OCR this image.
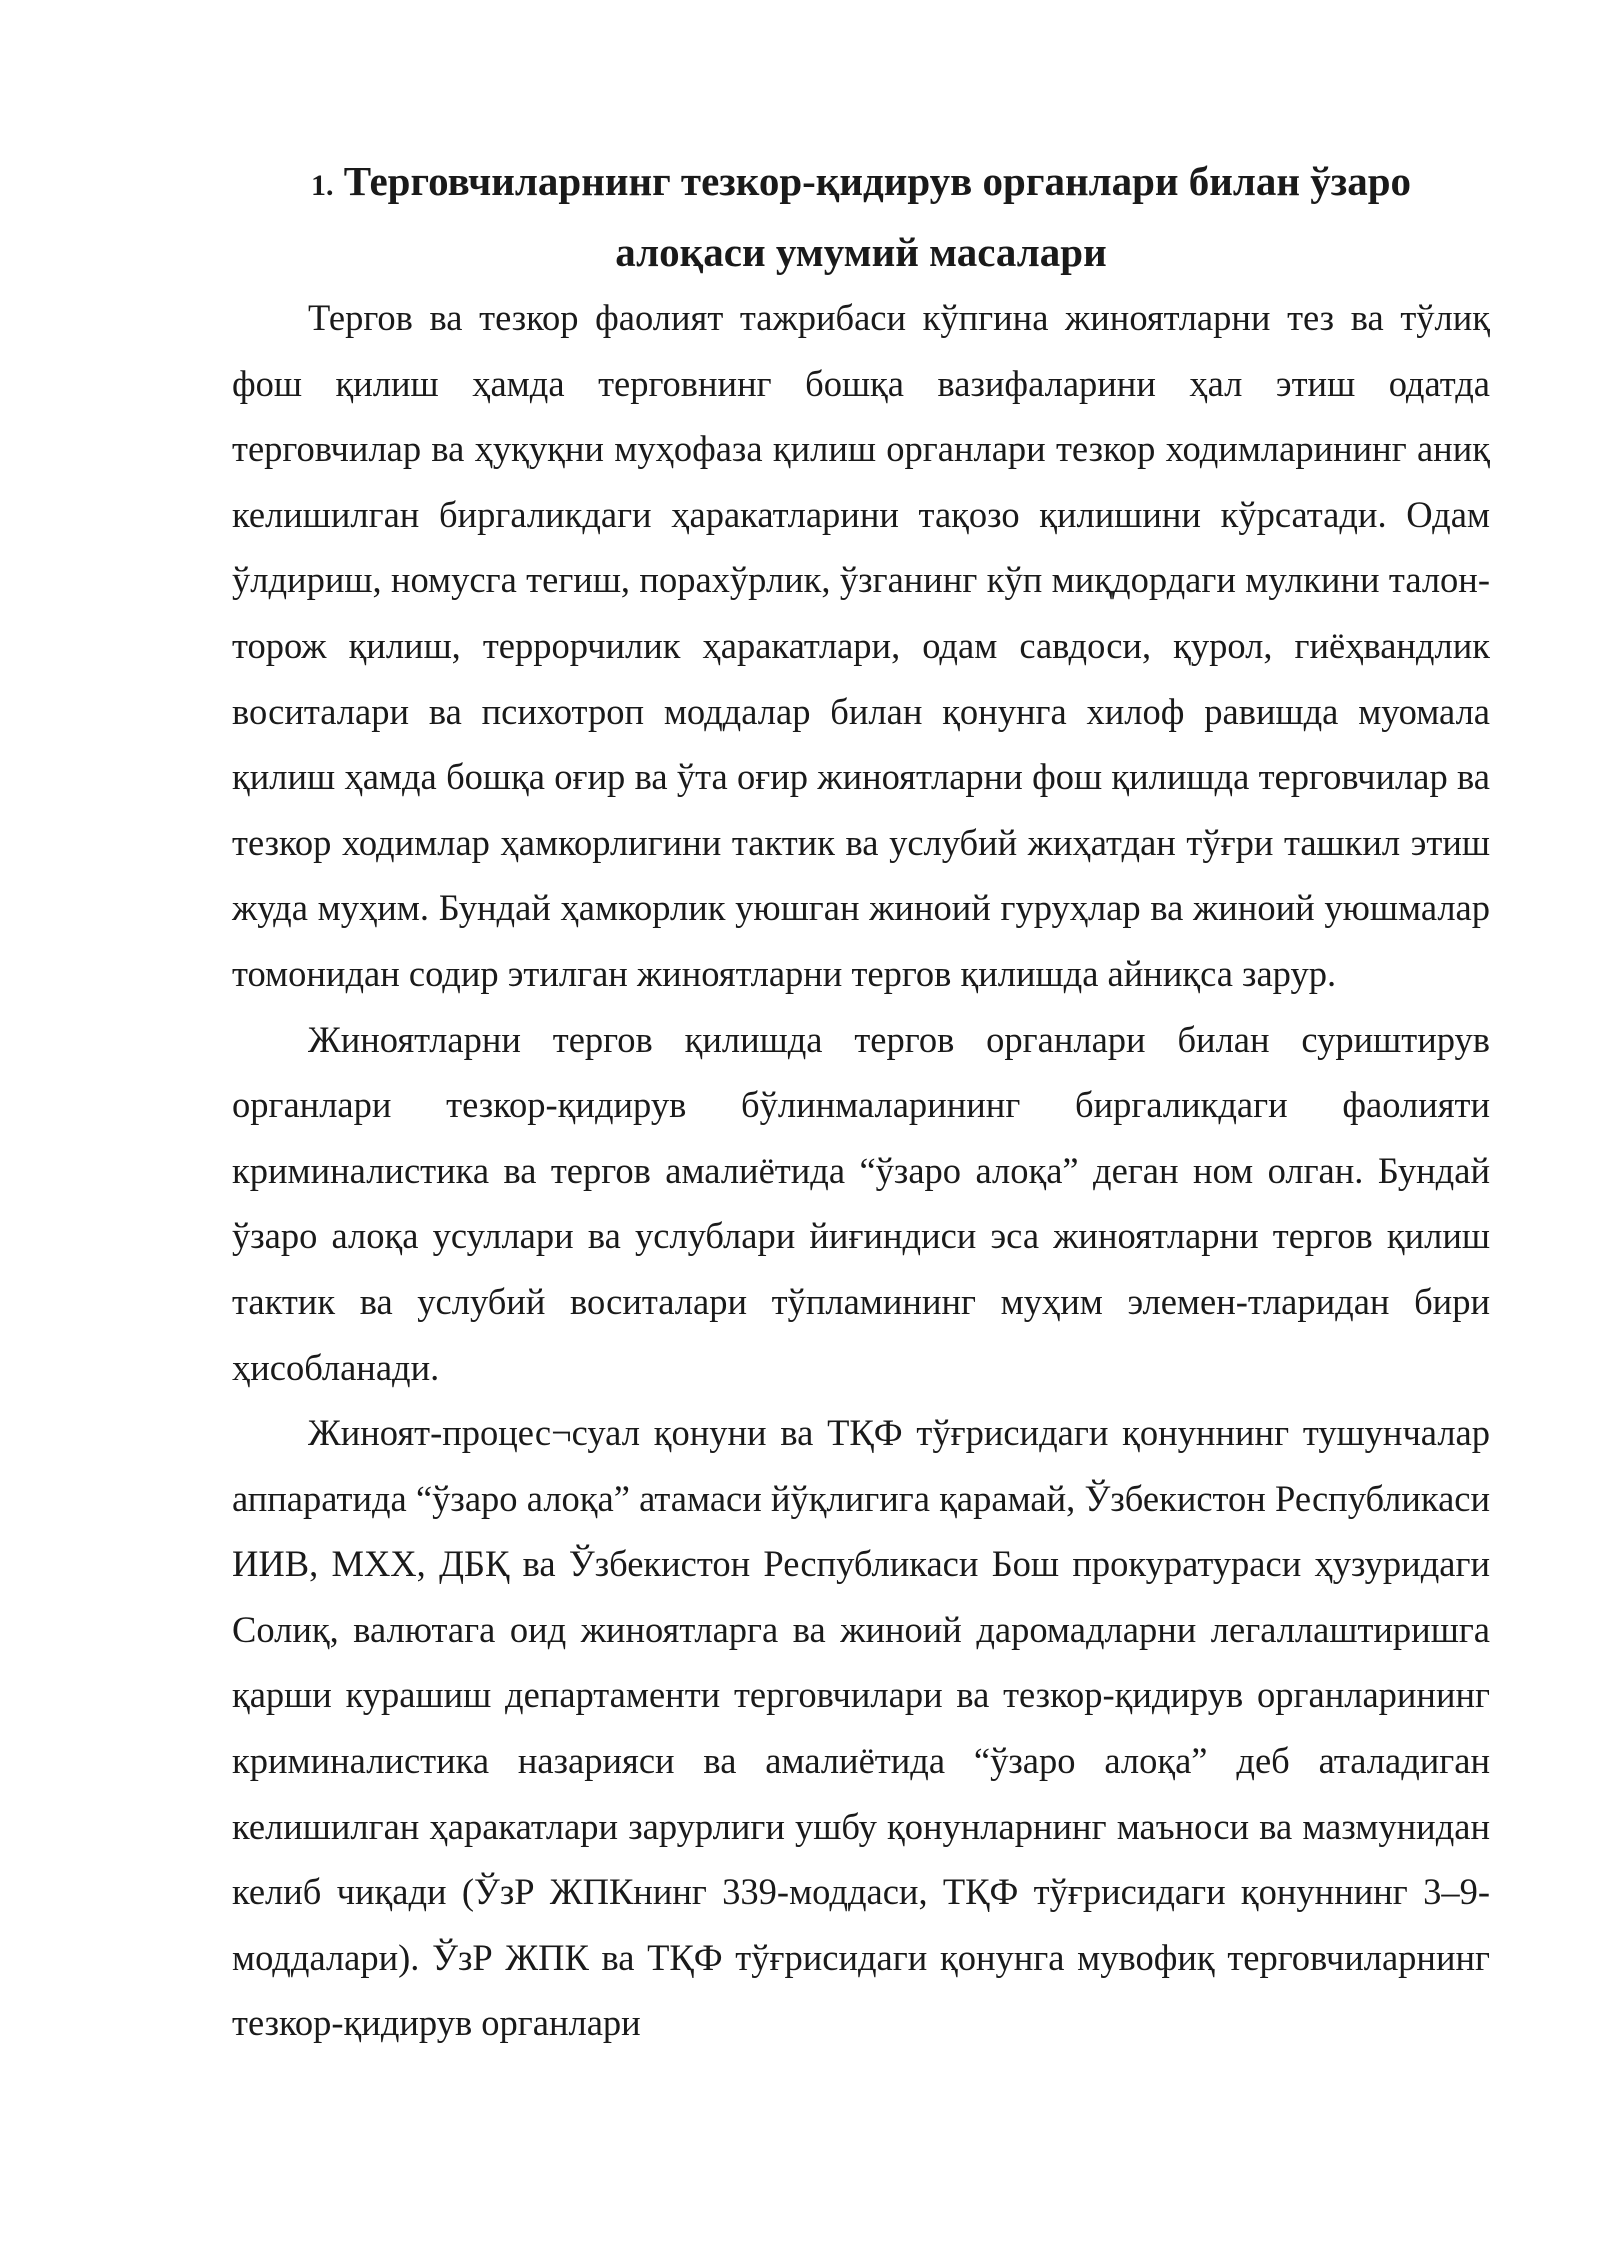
1. Терговчиларнинг тезкор-қидирув органлари билан ўзаро
алоқаси умумий масалари

Тергов ва тезкор фаолият тажрибаси кўпгина жиноятларни тез ва тўлиқ фош қилиш ҳамда терговнинг бошқа вазифаларини ҳал этиш одатда терговчилар ва ҳуқуқни муҳофаза қилиш органлари тезкор ходимларининг аниқ келишилган биргаликдаги ҳаракатларини тақозо қилишини кўрсатади. Одам ўлдириш, номусга тегиш, порахўрлик, ўзганинг кўп миқдордаги мулкини талон-торож қилиш, террорчилик ҳаракатлари, одам савдоси, қурол, гиёҳвандлик воситалари ва психотроп моддалар билан қонунга хилоф равишда муомала қилиш ҳамда бошқа оғир ва ўта оғир жиноятларни фош қилишда терговчилар ва тезкор ходимлар ҳамкорлигини тактик ва услубий жиҳатдан тўғри ташкил этиш жуда муҳим. Бундай ҳамкорлик уюшган жиноий гуруҳлар ва жиноий уюшмалар томонидан содир этилган жиноятларни тергов қилишда айниқса зарур.

Жиноятларни тергов қилишда тергов органлари билан суриштирув органлари тезкор-қидирув бўлинмаларининг биргаликдаги фаолияти криминалистика ва тергов амалиётида “ўзаро алоқа” деган ном олган. Бундай ўзаро алоқа усуллари ва услублари йиғиндиси эса жиноятларни тергов қилиш тактик ва услубий воситалари тўпламининг муҳим элемен-тларидан бири ҳисобланади.

Жиноят-процес¬суал қонуни ва ТҚФ тўғрисидаги қонуннинг тушунчалар аппаратида “ўзаро алоқа” атамаси йўқлигига қарамай, Ўзбекистон Республикаси ИИВ, МХХ, ДБҚ ва Ўзбекистон Республикаси Бош прокуратураси ҳузуридаги Солиқ, валютага оид жиноятларга ва жиноий даромадларни легаллаштиришга қарши курашиш департаменти терговчилари ва тезкор-қидирув органларининг криминалистика назарияси ва амалиётида “ўзаро алоқа” деб аталадиган келишилган ҳаракатлари зарурлиги ушбу қонунларнинг маъноси ва мазмунидан келиб чиқади (ЎзР ЖПКнинг 339-моддаси, ТҚФ тўғрисидаги қонуннинг 3–9-моддалари). ЎзР ЖПК ва ТҚФ тўғрисидаги қонунга мувофиқ терговчиларнинг тезкор-қидирув органлари
